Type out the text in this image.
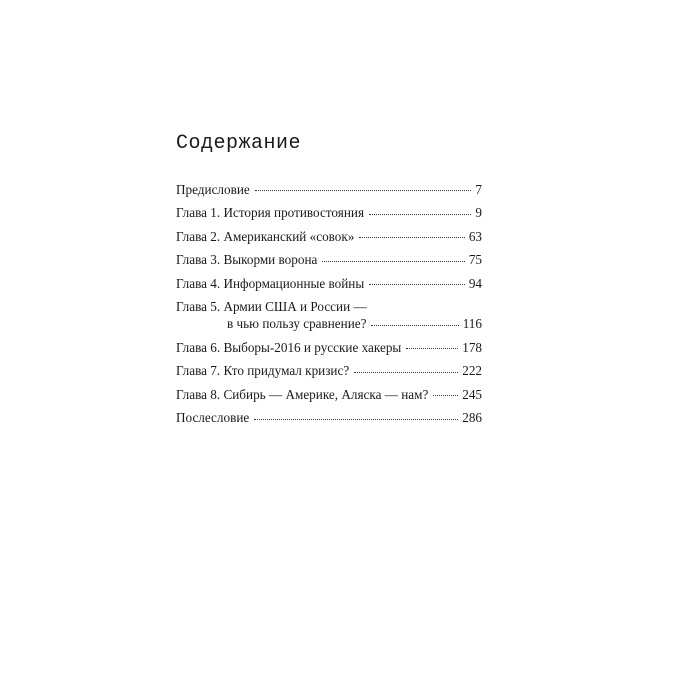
Содержание
Предисловие	7
Глава 1. История противостояния	9
Глава 2. Американский «совок»	63
Глава 3. Выкорми ворона	75
Глава 4. Информационные войны	94
Глава 5. Армии США и России —
в чью пользу сравнение?	116
Глава 6. Выборы-2016 и русские хакеры	178
Глава 7. Кто придумал кризис?	222
Глава 8. Сибирь — Америке, Аляска — нам?	245
Послесловие	286
